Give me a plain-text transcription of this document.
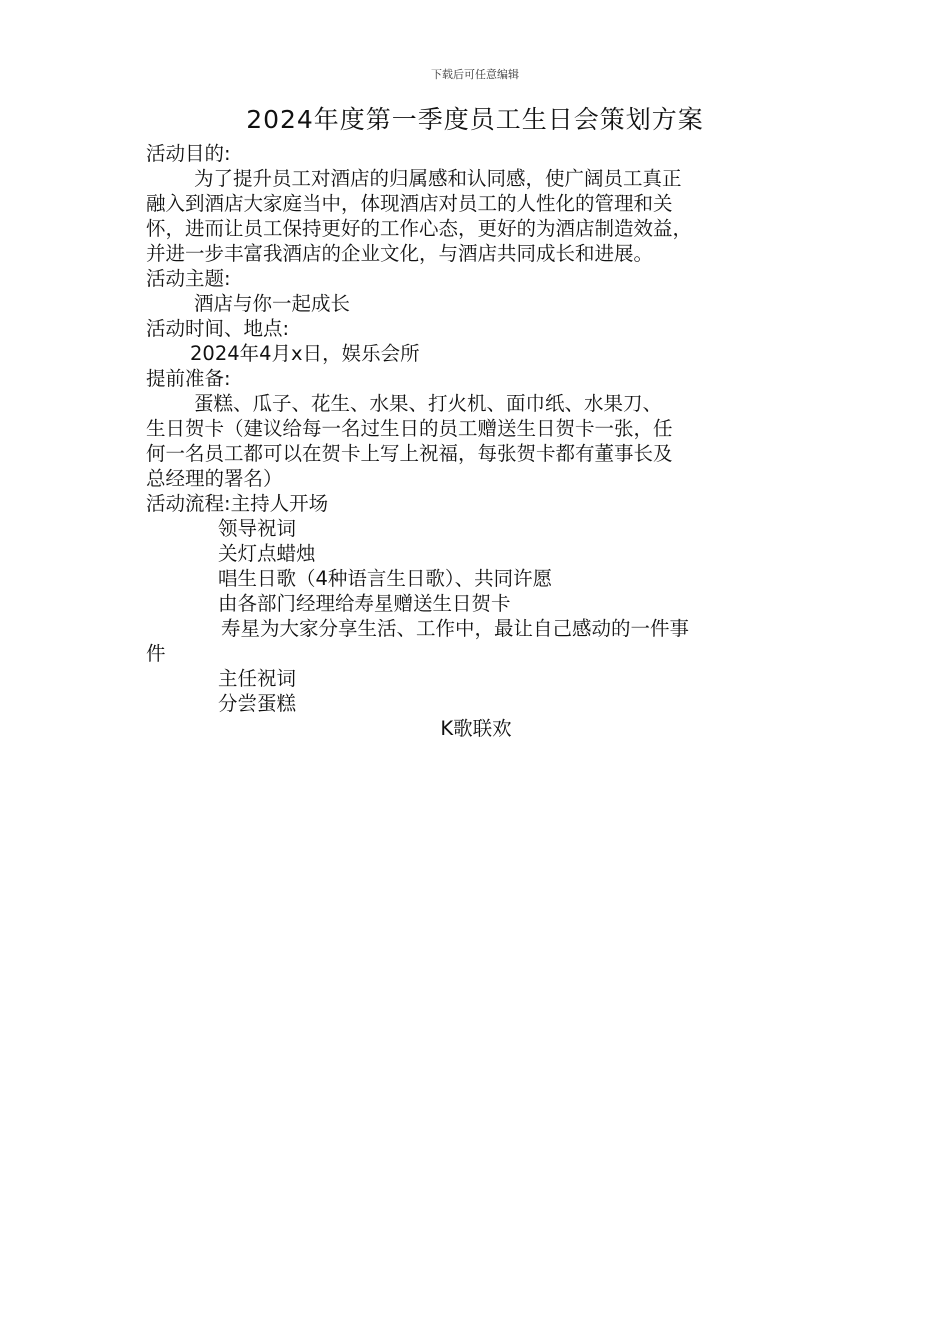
下载后可任意编辑
2024年度第一季度员工生日会策划方案
活动目的:
为了提升员工对酒店的归属感和认同感，使广阔员工真正
融入到酒店大家庭当中，体现酒店对员工的人性化的管理和关
怀，进而让员工保持更好的工作心态，更好的为酒店制造效益，
并进一步丰富我酒店的企业文化，与酒店共同成长和进展。
活动主题:
酒店与你一起成长
活动时间、地点:
2024年4月x日，娱乐会所
提前准备:
蛋糕、瓜子、花生、水果、打火机、面巾纸、水果刀、
生日贺卡（建议给每一名过生日的员工赠送生日贺卡一张，任
何一名员工都可以在贺卡上写上祝福，每张贺卡都有董事长及
总经理的署名）
活动流程:主持人开场
领导祝词
关灯点蜡烛
唱生日歌（4种语言生日歌）、共同许愿
由各部门经理给寿星赠送生日贺卡
寿星为大家分享生活、工作中，最让自己感动的一件事
件
主任祝词
分尝蛋糕
K歌联欢
